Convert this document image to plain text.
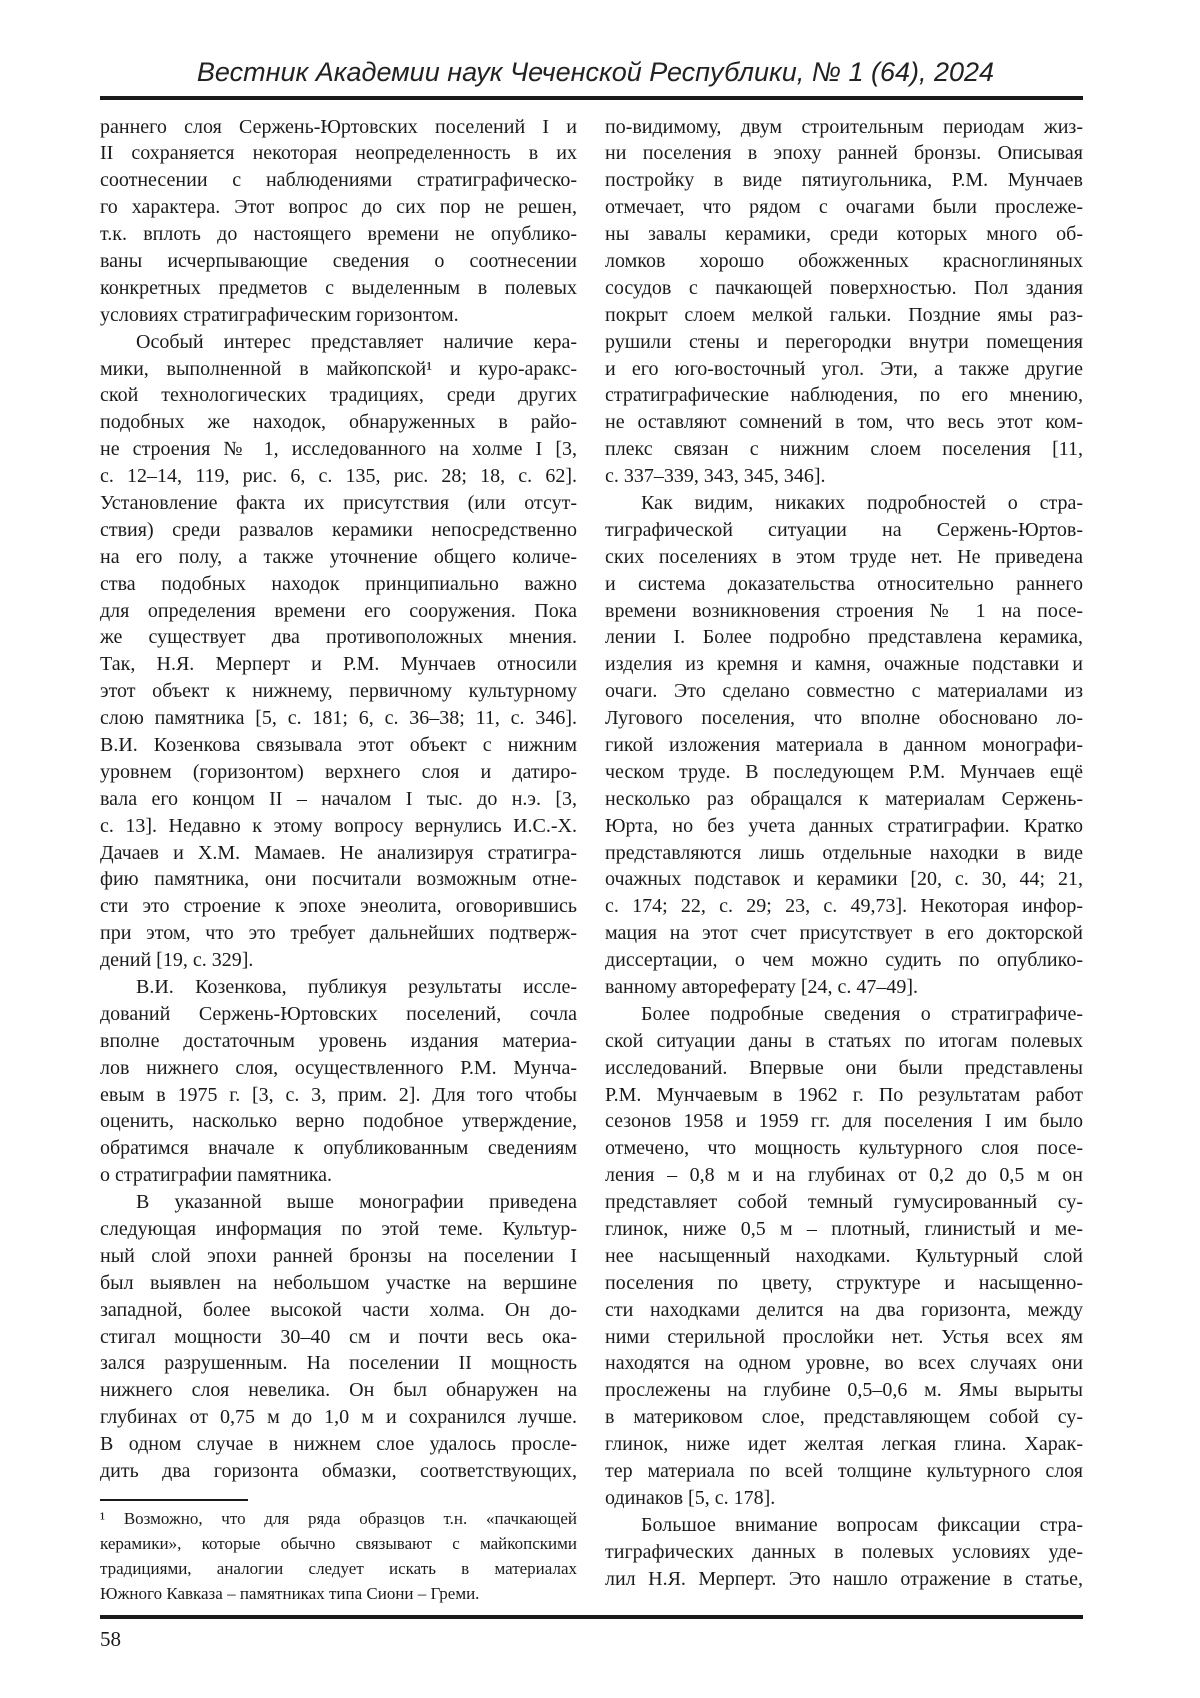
Вестник Академии наук Чеченской Республики, № 1 (64), 2024
раннего слоя Сержень-Юртовских поселений I и
II сохраняется некоторая неопределенность в их
соотнесении с наблюдениями стратиграфическо-
го характера. Этот вопрос до сих пор не решен,
т.к. вплоть до настоящего времени не опублико-
ваны исчерпывающие сведения о соотнесении
конкретных предметов с выделенным в полевых
условиях стратиграфическим горизонтом.
Особый интерес представляет наличие кера-
мики, выполненной в майкопской¹ и куро-аракс-
ской технологических традициях, среди других
подобных же находок, обнаруженных в райо-
не строения № 1, исследованного на холме I [3,
с. 12–14, 119, рис. 6, с. 135, рис. 28; 18, с. 62].
Установление факта их присутствия (или отсут-
ствия) среди развалов керамики непосредственно
на его полу, а также уточнение общего количе-
ства подобных находок принципиально важно
для определения времени его сооружения. Пока
же существует два противоположных мнения.
Так, Н.Я. Мерперт и Р.М. Мунчаев относили
этот объект к нижнему, первичному культурному
слою памятника [5, с. 181; 6, с. 36–38; 11, с. 346].
В.И. Козенкова связывала этот объект с нижним
уровнем (горизонтом) верхнего слоя и датиро-
вала его концом II – началом I тыс. до н.э. [3,
с. 13]. Недавно к этому вопросу вернулись И.С.-Х.
Дачаев и Х.М. Мамаев. Не анализируя стратигра-
фию памятника, они посчитали возможным отне-
сти это строение к эпохе энеолита, оговорившись
при этом, что это требует дальнейших подтверж-
дений [19, с. 329].
В.И. Козенкова, публикуя результаты иссле-
дований Сержень-Юртовских поселений, сочла
вполне достаточным уровень издания материа-
лов нижнего слоя, осуществленного Р.М. Мунча-
евым в 1975 г. [3, с. 3, прим. 2]. Для того чтобы
оценить, насколько верно подобное утверждение,
обратимся вначале к опубликованным сведениям
о стратиграфии памятника.
В указанной выше монографии приведена
следующая информация по этой теме. Культур-
ный слой эпохи ранней бронзы на поселении I
был выявлен на небольшом участке на вершине
западной, более высокой части холма. Он до-
стигал мощности 30–40 см и почти весь ока-
зался разрушенным. На поселении II мощность
нижнего слоя невелика. Он был обнаружен на
глубинах от 0,75 м до 1,0 м и сохранился лучше.
В одном случае в нижнем слое удалось просле-
дить два горизонта обмазки, соответствующих,
по-видимому, двум строительным периодам жиз-
ни поселения в эпоху ранней бронзы. Описывая
постройку в виде пятиугольника, Р.М. Мунчаев
отмечает, что рядом с очагами были прослеже-
ны завалы керамики, среди которых много об-
ломков хорошо обожженных красноглиняных
сосудов с пачкающей поверхностью. Пол здания
покрыт слоем мелкой гальки. Поздние ямы раз-
рушили стены и перегородки внутри помещения
и его юго-восточный угол. Эти, а также другие
стратиграфические наблюдения, по его мнению,
не оставляют сомнений в том, что весь этот ком-
плекс связан с нижним слоем поселения [11,
с. 337–339, 343, 345, 346].
Как видим, никаких подробностей о стра-
тиграфической ситуации на Сержень-Юртов-
ских поселениях в этом труде нет. Не приведена
и система доказательства относительно раннего
времени возникновения строения № 1 на посе-
лении I. Более подробно представлена керамика,
изделия из кремня и камня, очажные подставки и
очаги. Это сделано совместно с материалами из
Лугового поселения, что вполне обосновано ло-
гикой изложения материала в данном монографи-
ческом труде. В последующем Р.М. Мунчаев ещё
несколько раз обращался к материалам Сержень-
Юрта, но без учета данных стратиграфии. Кратко
представляются лишь отдельные находки в виде
очажных подставок и керамики [20, с. 30, 44; 21,
с. 174; 22, с. 29; 23, с. 49,73]. Некоторая инфор-
мация на этот счет присутствует в его докторской
диссертации, о чем можно судить по опублико-
ванному автореферату [24, с. 47–49].
Более подробные сведения о стратиграфиче-
ской ситуации даны в статьях по итогам полевых
исследований. Впервые они были представлены
Р.М. Мунчаевым в 1962 г. По результатам работ
сезонов 1958 и 1959 гг. для поселения I им было
отмечено, что мощность культурного слоя посе-
ления – 0,8 м и на глубинах от 0,2 до 0,5 м он
представляет собой темный гумусированный су-
глинок, ниже 0,5 м – плотный, глинистый и ме-
нее насыщенный находками. Культурный слой
поселения по цвету, структуре и насыщенно-
сти находками делится на два горизонта, между
ними стерильной прослойки нет. Устья всех ям
находятся на одном уровне, во всех случаях они
прослежены на глубине 0,5–0,6 м. Ямы вырыты
в материковом слое, представляющем собой су-
глинок, ниже идет желтая легкая глина. Харак-
тер материала по всей толщине культурного слоя
одинаков [5, с. 178].
Большое внимание вопросам фиксации стра-
тиграфических данных в полевых условиях уде-
лил Н.Я. Мерперт. Это нашло отражение в статье,
¹ Возможно, что для ряда образцов т.н. «пачкающей
керамики», которые обычно связывают с майкопскими
традициями, аналогии следует искать в материалах
Южного Кавказа – памятниках типа Сиони – Греми.
58
